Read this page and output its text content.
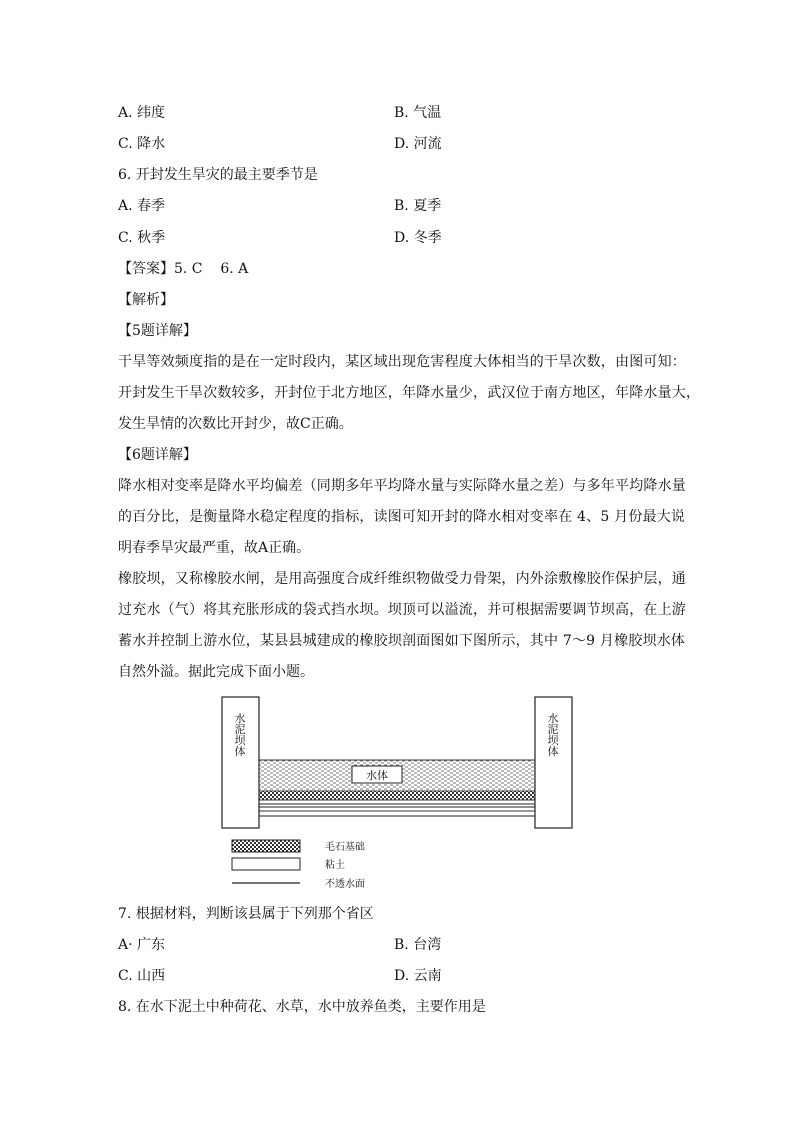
A. 纬度	B. 气温
C. 降水	D. 河流
6. 开封发生旱灾的最主要季节是
A. 春季	B. 夏季
C. 秋季	D. 冬季
【答案】5. C    6. A
【解析】
【5题详解】
干旱等效频度指的是在一定时段内，某区域出现危害程度大体相当的干旱次数，由图可知：
开封发生干旱次数较多，开封位于北方地区，年降水量少，武汉位于南方地区，年降水量大，
发生旱情的次数比开封少，故C正确。
【6题详解】
降水相对变率是降水平均偏差（同期多年平均降水量与实际降水量之差）与多年平均降水量
的百分比，是衡量降水稳定程度的指标，读图可知开封的降水相对变率在 4、5 月份最大说
明春季旱灾最严重，故A正确。
橡胶坝，又称橡胶水闸，是用高强度合成纤维织物做受力骨架，内外涂敷橡胶作保护层，通
过充水（气）将其充胀形成的袋式挡水坝。坝顶可以溢流，并可根据需要调节坝高，在上游
蓄水并控制上游水位，某县县城建成的橡胶坝剖面图如下图所示，其中 7～9 月橡胶坝水体
自然外溢。据此完成下面小题。
水体
水
泥
坝
体
水
泥
坝
体
毛石基础
粘土
不透水面
7. 根据材料，判断该县属于下列那个省区
A· 广东	B. 台湾
C. 山西	D. 云南
8. 在水下泥土中种荷花、水草，水中放养鱼类，主要作用是
